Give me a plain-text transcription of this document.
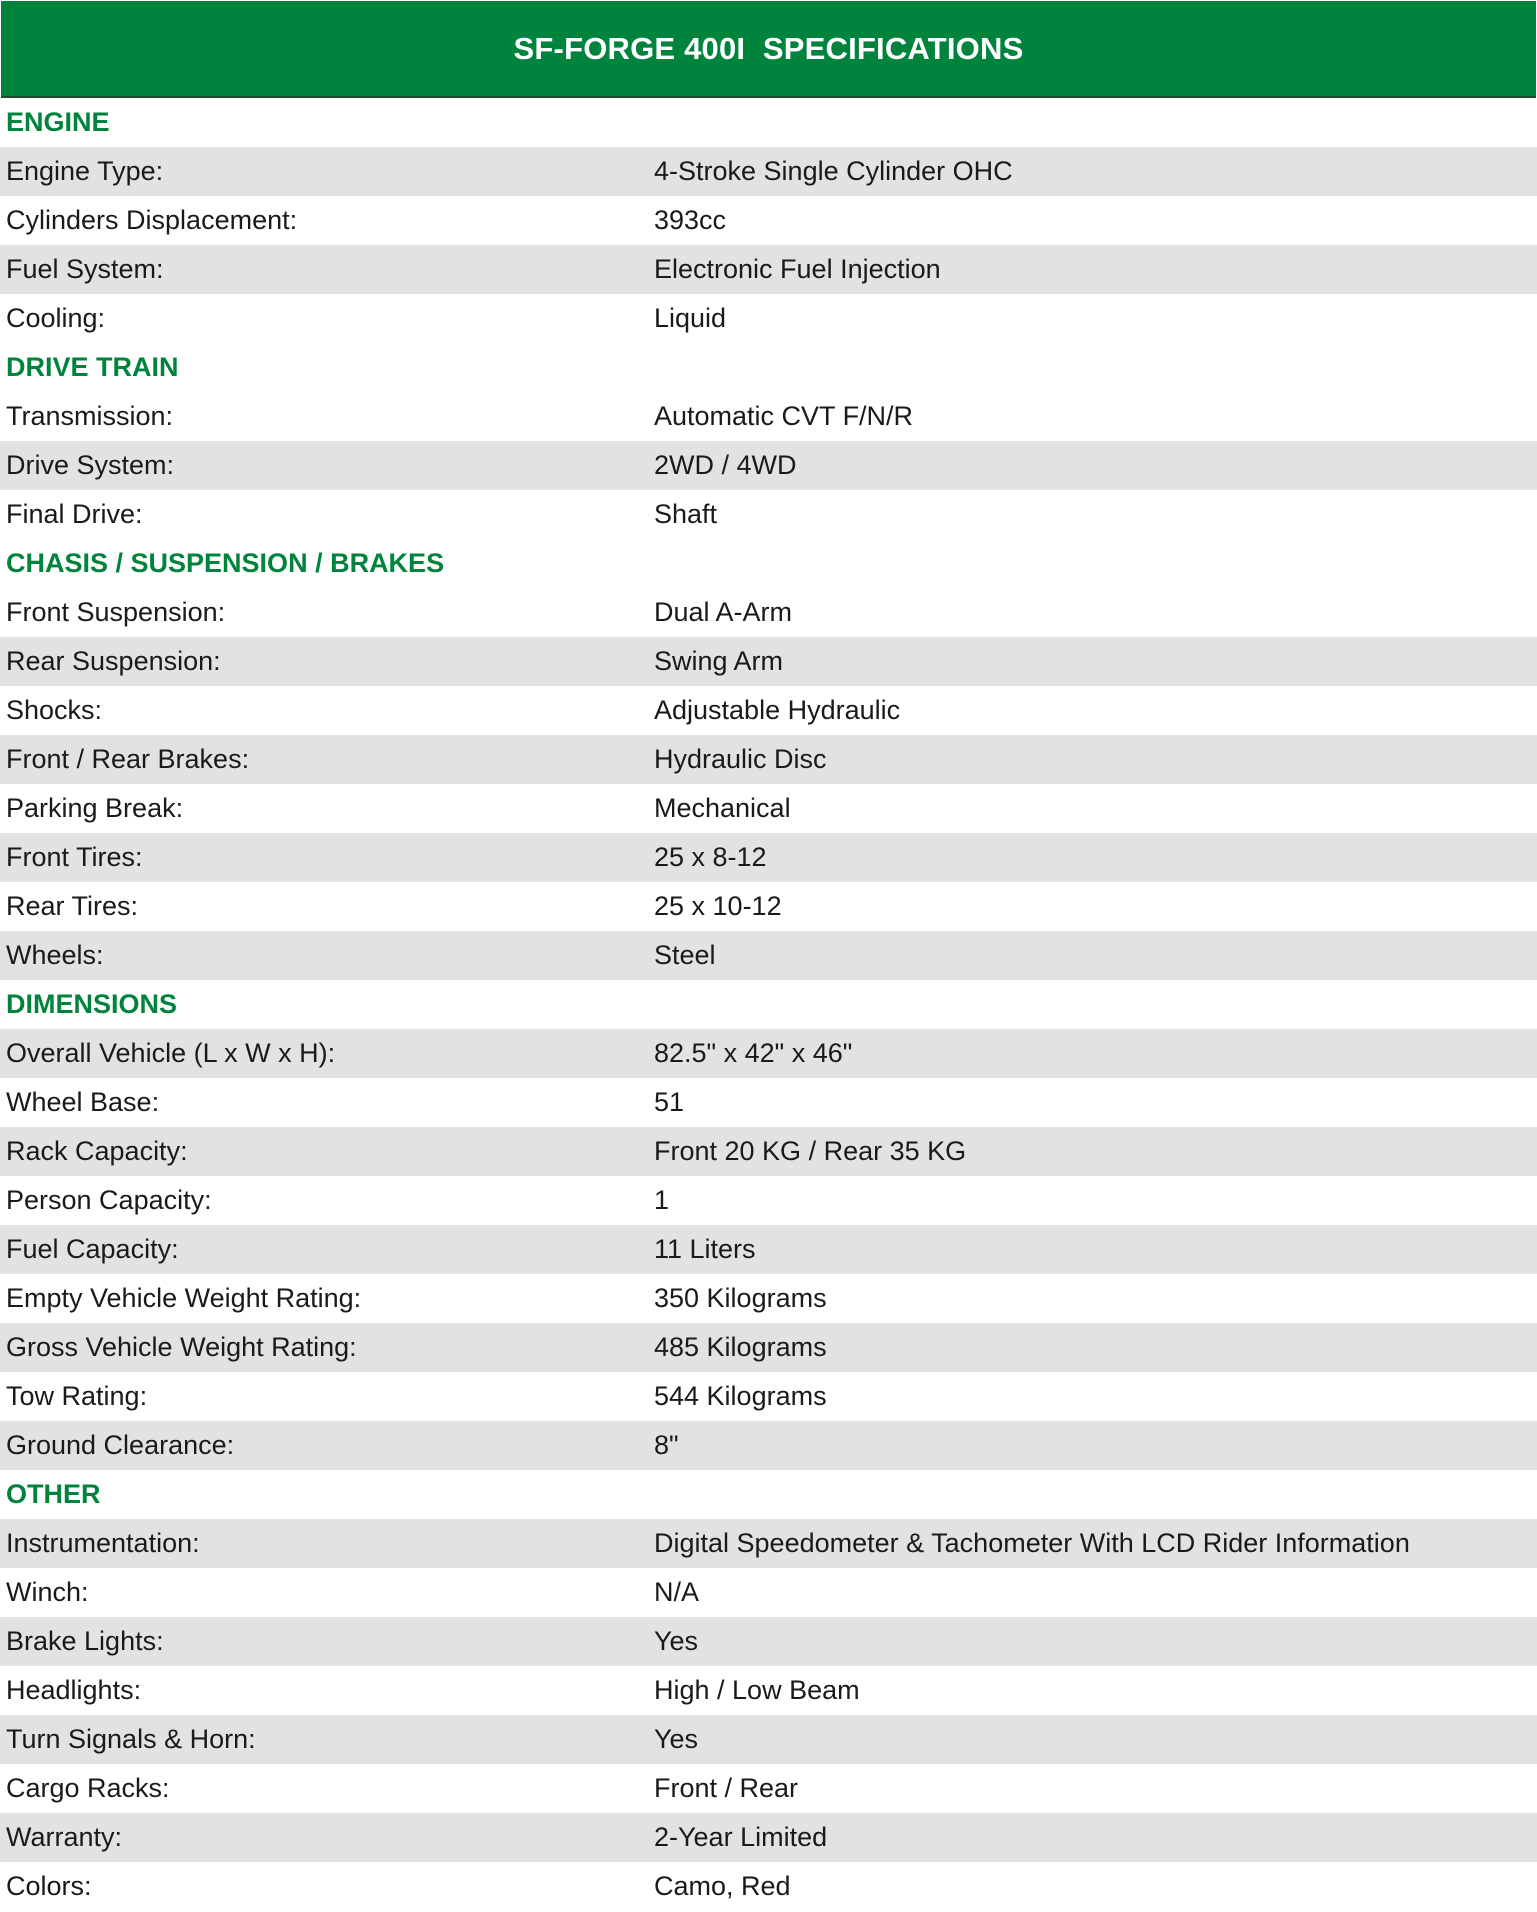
SF-FORGE 400I  SPECIFICATIONS
ENGINE
Engine Type:	4-Stroke Single Cylinder OHC
Cylinders Displacement:	393cc
Fuel System:	Electronic Fuel Injection
Cooling:	Liquid
DRIVE TRAIN
Transmission:	Automatic CVT F/N/R
Drive System:	2WD / 4WD
Final Drive:	Shaft
CHASIS / SUSPENSION / BRAKES
Front Suspension:	Dual A-Arm
Rear Suspension:	Swing Arm
Shocks:	Adjustable Hydraulic
Front / Rear Brakes:	Hydraulic Disc
Parking Break:	Mechanical
Front Tires:	25 x 8-12
Rear Tires:	25 x 10-12
Wheels:	Steel
DIMENSIONS
Overall Vehicle (L x W x H):	82.5" x 42" x 46"
Wheel Base:	51
Rack Capacity:	Front 20 KG / Rear 35 KG
Person Capacity:	1
Fuel Capacity:	11 Liters
Empty Vehicle Weight Rating:	350 Kilograms
Gross Vehicle Weight Rating:	485 Kilograms
Tow Rating:	544 Kilograms
Ground Clearance:	8"
OTHER
Instrumentation:	Digital Speedometer & Tachometer With LCD Rider Information
Winch:	N/A
Brake Lights:	Yes
Headlights:	High / Low Beam
Turn Signals & Horn:	Yes
Cargo Racks:	Front / Rear
Warranty:	2-Year Limited
Colors:	Camo, Red
